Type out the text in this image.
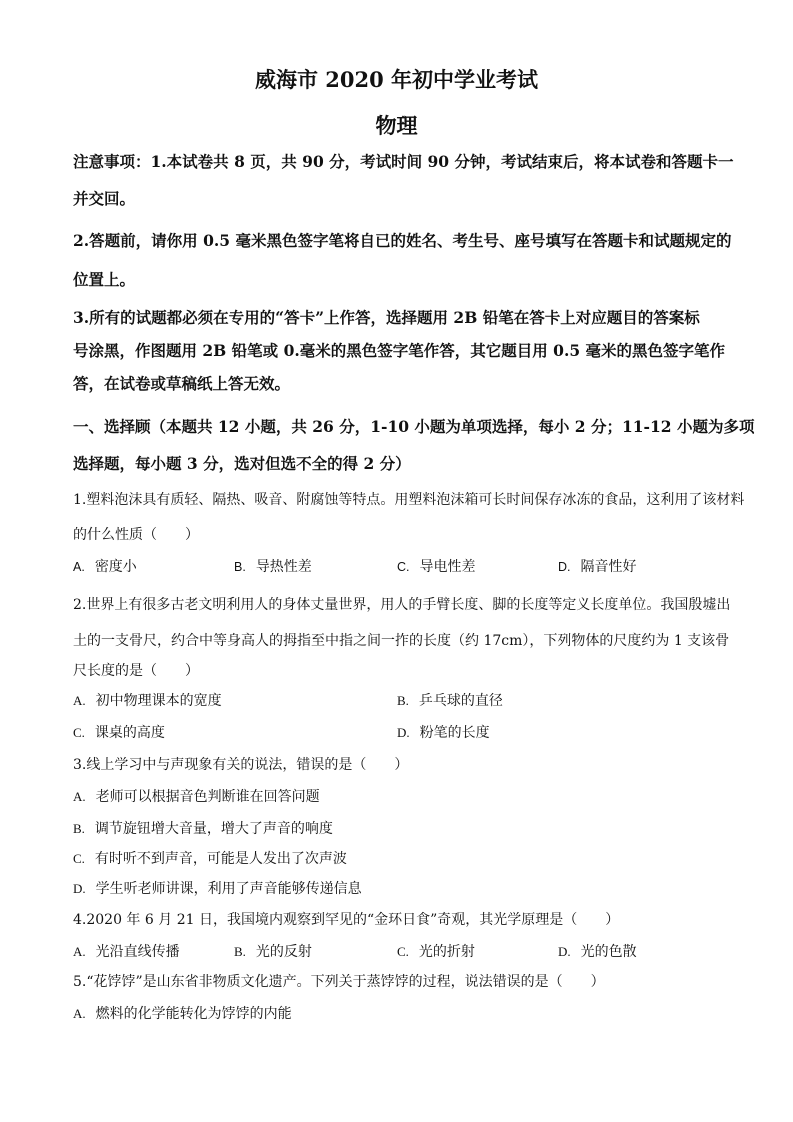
威海市 2020 年初中学业考试
物理
注意事项：1.本试卷共 8 页，共 90 分，考试时间 90 分钟，考试结束后，将本试卷和答题卡一
并交回。
2.答题前，请你用 0.5 毫米黑色签字笔将自已的姓名、考生号、座号填写在答题卡和试题规定的
位置上。
3.所有的试题都必须在专用的“答卡”上作答，选择题用 2B 铅笔在答卡上对应题目的答案标
号涂黑，作图题用 2B 铅笔或 0.毫米的黑色签字笔作答，其它题目用 0.5 毫米的黑色签字笔作
答，在试卷或草稿纸上答无效。
一、选择顾（本题共 12 小题，共 26 分，1-10 小题为单项选择，每小 2 分；11-12 小题为多项
选择题，每小题 3 分，选对但选不全的得 2 分）
1.塑料泡沫具有质轻、隔热、吸音、附腐蚀等特点。用塑料泡沫箱可长时间保存冰冻的食品，这利用了该材料
的什么性质（　　）
A. 密度小	B. 导热性差	C. 导电性差	D. 隔音性好
2.世界上有很多古老文明利用人的身体丈量世界，用人的手臂长度、脚的长度等定义长度单位。我国殷墟出
土的一支骨尺，约合中等身高人的拇指至中指之间一拃的长度（约 17cm），下列物体的尺度约为 1 支该骨
尺长度的是（　　）
A. 初中物理课本的宽度	B. 乒乓球的直径
C. 课桌的高度	D. 粉笔的长度
3.线上学习中与声现象有关的说法，错误的是（　　）
A. 老师可以根据音色判断谁在回答问题
B. 调节旋钮增大音量，增大了声音的响度
C. 有时听不到声音，可能是人发出了次声波
D. 学生听老师讲课，利用了声音能够传递信息
4.2020 年 6 月 21 日，我国境内观察到罕见的“金环日食”奇观，其光学原理是（　　）
A. 光沿直线传播	B. 光的反射	C. 光的折射	D. 光的色散
5.“花饽饽”是山东省非物质文化遗产。下列关于蒸饽饽的过程，说法错误的是（　　）
A. 燃料的化学能转化为饽饽的内能
